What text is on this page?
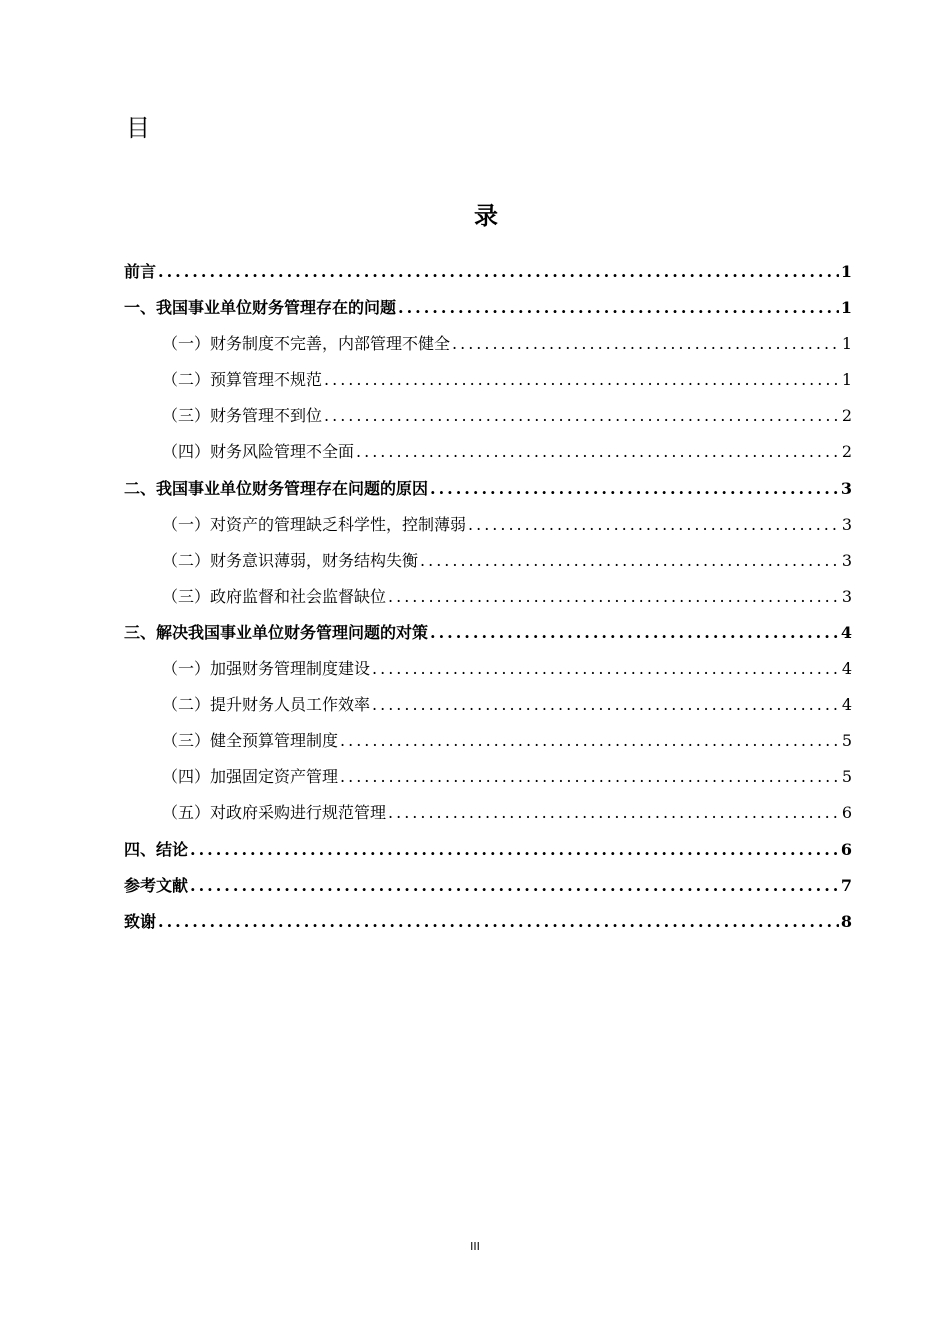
目
录
前言 .....	1
一、我国事业单位财务管理存在的问题 .....	1
（一）财务制度不完善，内部管理不健全 .....	1
（二）预算管理不规范 .....	1
（三）财务管理不到位 .....	2
（四）财务风险管理不全面 .....	2
二、我国事业单位财务管理存在问题的原因 .....	3
（一）对资产的管理缺乏科学性，控制薄弱 .....	3
（二）财务意识薄弱，财务结构失衡 .....	3
（三）政府监督和社会监督缺位 .....	3
三、解决我国事业单位财务管理问题的对策 .....	4
（一）加强财务管理制度建设 .....	4
（二）提升财务人员工作效率 .....	4
（三）健全预算管理制度 .....	5
（四）加强固定资产管理 .....	5
（五）对政府采购进行规范管理 .....	6
四、结论 .....	6
参考文献 .....	7
致谢 .....	8
III
